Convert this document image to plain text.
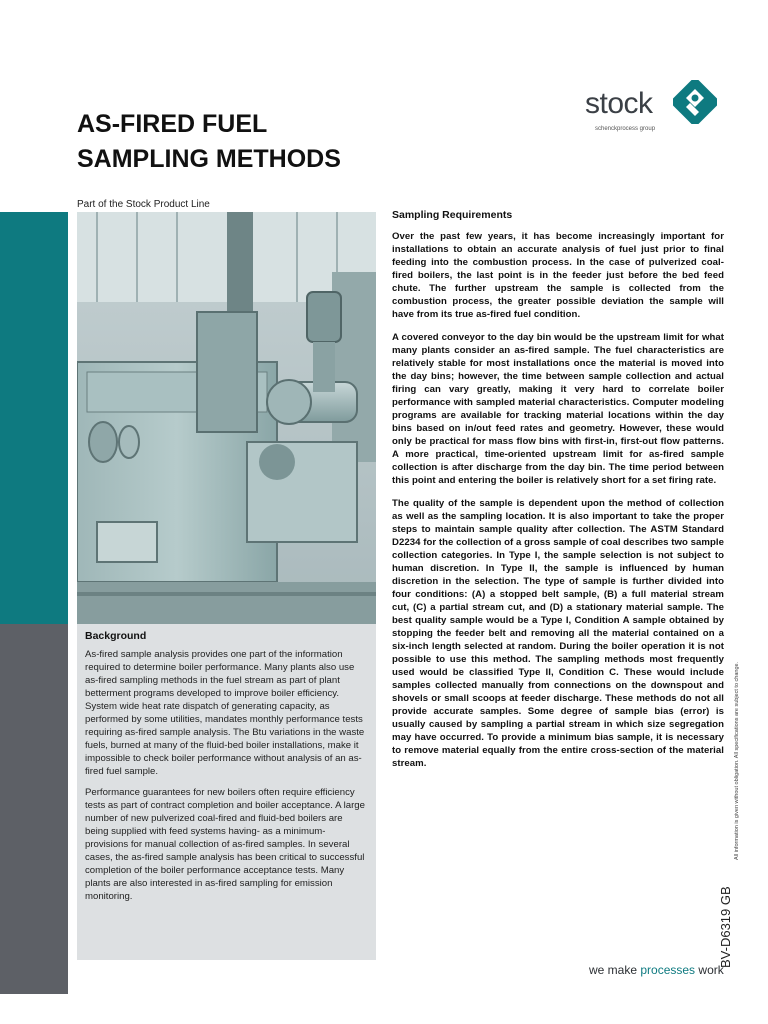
AS-FIRED FUEL SAMPLING METHODS
Part of the Stock Product Line
stock
schenckprocess group
Background

As-fired sample analysis provides one part of the information required to determine boiler performance. Many plants also use as-fired sampling methods in the fuel stream as part of plant betterment programs developed to improve boiler efficiency. System wide heat rate dispatch of generating capacity, as performed by some utilities, mandates monthly performance tests requiring as-fired sample analysis. The Btu variations in the waste fuels, burned at many of the fluid-bed boiler installations, make it impossible to check boiler performance without analysis of an as-fired fuel sample.

Performance guarantees for new boilers often require efficiency tests as part of contract completion and boiler acceptance. A large number of new pulverized coal-fired and fluid-bed boilers are being supplied with feed systems having- as a minimum- provisions for manual collection of as-fired samples. In several cases, the as-fired sample analysis has been critical to successful completion of the boiler performance acceptance tests. Many plants are also interested in as-fired sampling for emission monitoring.

Sampling Requirements

Over the past few years, it has become increasingly important for installations to obtain an accurate analysis of fuel just prior to final feeding into the combustion process. In the case of pulverized coal-fired boilers, the last point is in the feeder just before the bed feed chute. The further upstream the sample is collected from the combustion process, the greater possible deviation the sample will have from its true as-fired fuel condition.

A covered conveyor to the day bin would be the upstream limit for what many plants consider an as-fired sample. The fuel characteristics are relatively stable for most installations once the material is moved into the day bins; however, the time between sample collection and actual firing can vary greatly, making it very hard to correlate boiler performance with sampled material characteristics. Computer modeling programs are available for tracking material locations within the day bins based on in/out feed rates and geometry. However, these would only be practical for mass flow bins with first-in, first-out flow patterns. A more practical, time-oriented upstream limit for as-fired sample collection is after discharge from the day bin. The time period between this point and entering the boiler is relatively short for a set firing rate.

The quality of the sample is dependent upon the method of collection as well as the sampling location. It is also important to take the proper steps to maintain sample quality after collection. The ASTM Standard D2234 for the collection of a gross sample of coal describes two sample collection categories. In Type I, the sample selection is not subject to human discretion. In Type II, the sample is influenced by human discretion in the selection. The type of sample is further divided into four conditions: (A) a stopped belt sample, (B) a full material stream cut, (C) a partial stream cut, and (D) a stationary material sample. The best quality sample would be a Type I, Condition A sample obtained by stopping the feeder belt and removing all the material contained on a six-inch length selected at random. During the boiler operation it is not possible to use this method. The sampling methods most frequently used would be classified Type II, Condition C. These would include samples collected manually from connections on the downspout and shovels or small scoops at feeder discharge. These methods do not all provide accurate samples. Some degree of sample bias (error) is usually caused by sampling a partial stream in which size segregation may have occurred. To provide a minimum bias sample, it is necessary to remove material equally from the entire cross-section of the material stream.

BV-D6319 GB
All information is given without obligation. All specifications are subject to change.
we make processes work
